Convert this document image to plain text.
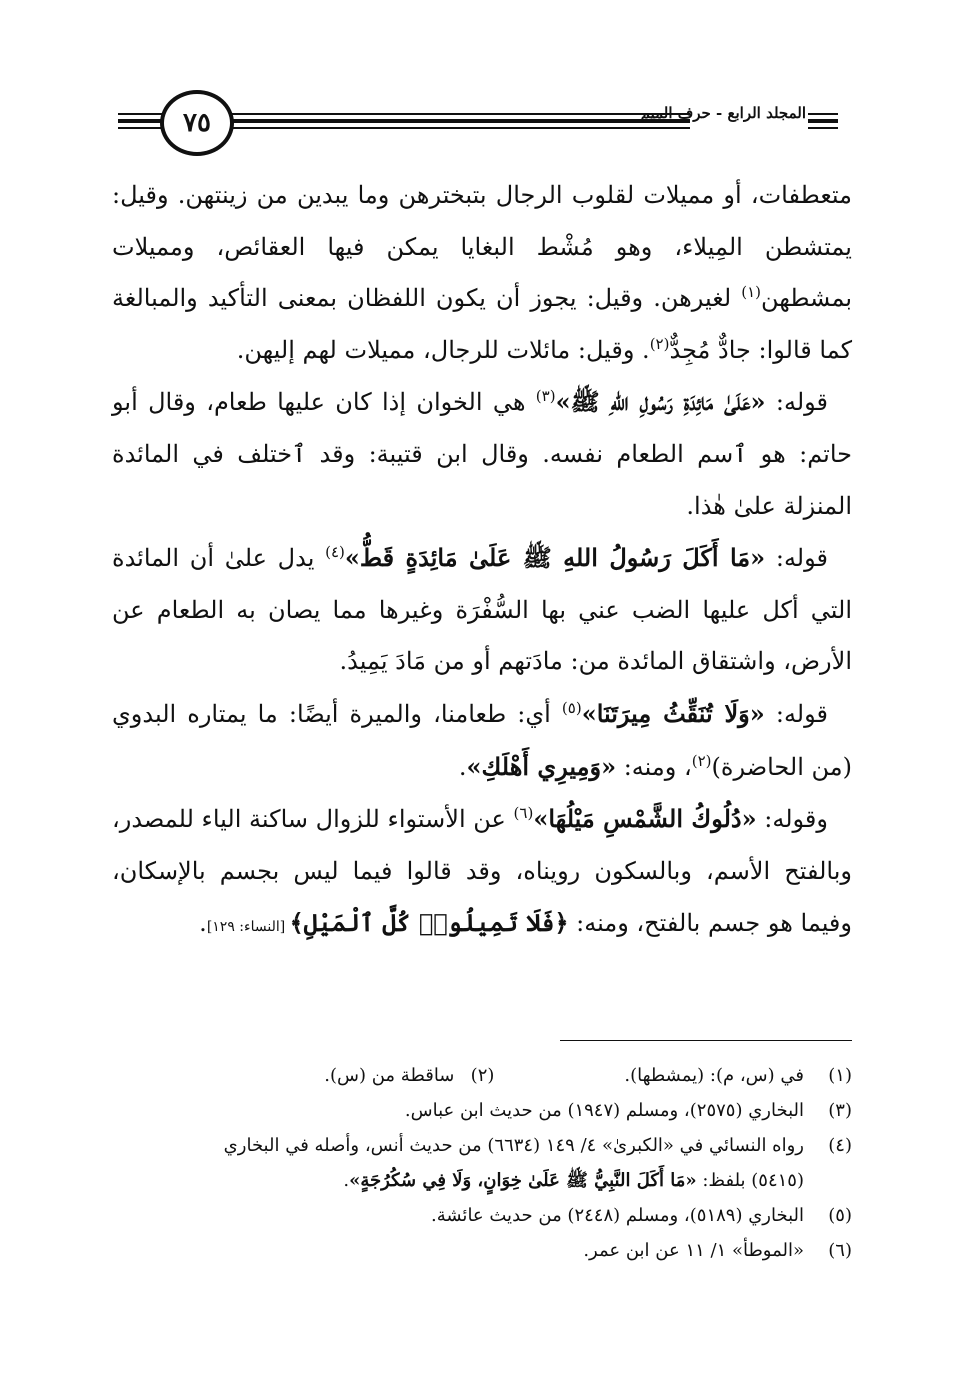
٧٥	المجلد الرابع - حرف الميم

متعطفات، أو مميلات لقلوب الرجال بتبخترهن وما يبدين من زينتهن. وقيل: يمتشطن المِيلاء، وهو مُشْط البغايا يمكن فيها العقائص، ومميلات بمشطهن$^{(١)}$ لغيرهن. وقيل: يجوز أن يكون اللفظان بمعنى التأكيد والمبالغة كما قالوا: جادٌّ مُجِدٌّ$^{(٢)}$. وقيل: مائلات للرجال، مميلات لهم إليهن.

 قوله: «عَلَىٰ مَائِدَةِ رَسُولِ اللهِ ﷺ»$^{(٣)}$ هي الخوان إذا كان عليها طعام، وقال أبو حاتم: هو ٱسم الطعام نفسه. وقال ابن قتيبة: وقد ٱختلف في المائدة المنزلة علىٰ هٰذا.

 قوله: «مَا أَكَلَ رَسُولُ اللهِ ﷺ عَلَىٰ مَائِدَةٍ قَطُّ»$^{(٤)}$ يدل علىٰ أن المائدة التي أكل عليها الضب عني بها السُّفْرَة وغيرها مما يصان به الطعام عن الأرض، واشتقاق المائدة من: مادَتهم أو من مَادَ يَمِيدُ.

 قوله: «وَلَا تُنَقِّثُ مِيرَتَنَا»$^{(٥)}$ أي: طعامنا، والميرة أيضًا: ما يمتاره البدوي (من الحاضرة)$^{(٢)}$، ومنه: «وَمِيرِي أَهْلَكِ».

 وقوله: «دُلُوكُ الشَّمْسِ مَيْلُهَا»$^{(٦)}$ عن الأستواء للزوال ساكنة الياء للمصدر، وبالفتح الأسم، وبالسكون رويناه، وقد قالوا فيما ليس بجسم بالإسكان، وفيما هو جسم بالفتح، ومنه: ﴿فَلَا تَمِيلُوا۟ كُلَّ ٱلْمَيْلِ﴾ [النساء: ١٢٩].

(١)
في (س، م): (يمشطها).
(٢)
ساقطة من (س).
(٣)
البخاري (٢٥٧٥)، ومسلم (١٩٤٧) من حديث ابن عباس.
(٤)
رواه النسائي في «الكبرىٰ» ٤/ ١٤٩ (٦٦٣٤) من حديث أنس، وأصله في البخاري
(٥٤١٥) بلفظ: «مَا أَكَلَ النَّبِيُّ ﷺ عَلَىٰ خِوَانٍ، وَلَا فِي سُكُرُجَةٍ».
(٥)
البخاري (٥١٨٩)، ومسلم (٢٤٤٨) من حديث عائشة.
(٦)
«الموطأ» ١/ ١١ عن ابن عمر.
